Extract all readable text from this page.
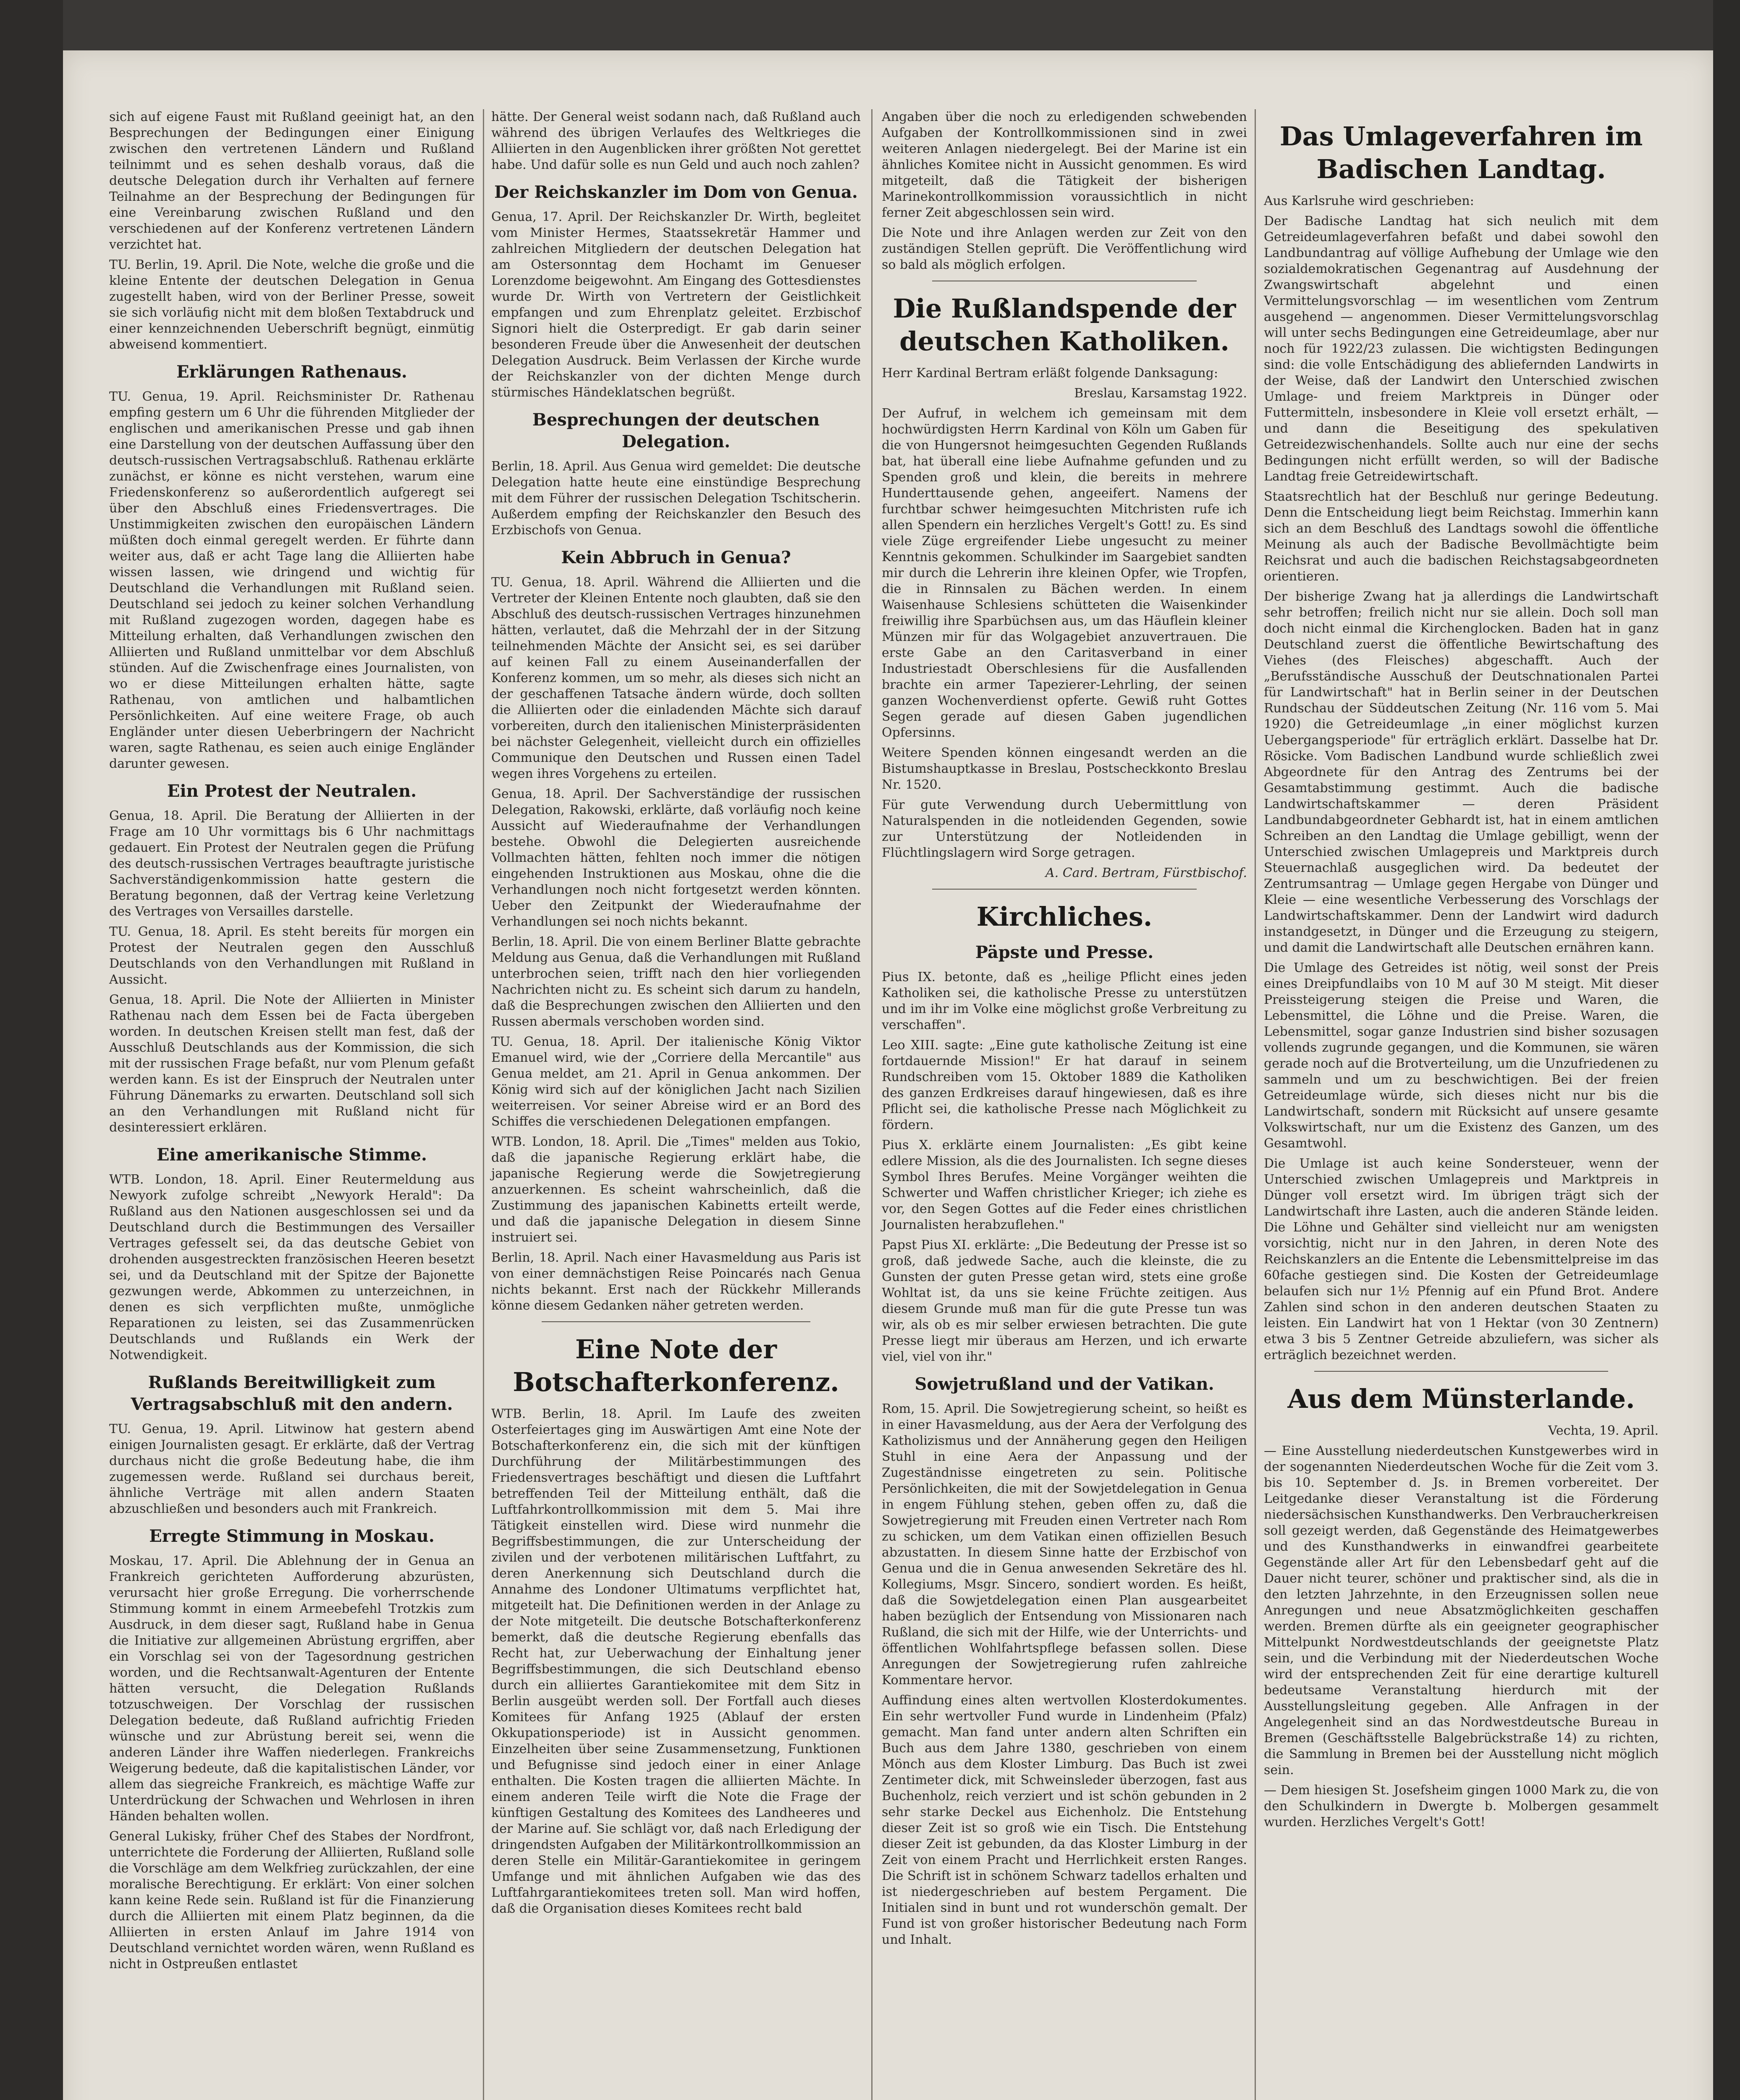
sich auf eigene Faust mit Rußland geeinigt hat, an den Besprechungen der Bedingungen einer Einigung zwischen den vertretenen Ländern und Rußland teilnimmt und es sehen deshalb voraus, daß die deutsche Delegation durch ihr Verhalten auf fernere Teilnahme an der Besprechung der Bedingungen für eine Vereinbarung zwischen Rußland und den verschiedenen auf der Konferenz vertretenen Ländern verzichtet hat.
TU. Berlin, 19. April. Die Note, welche die große und die kleine Entente der deutschen Delegation in Genua zugestellt haben, wird von der Berliner Presse, soweit sie sich vorläufig nicht mit dem bloßen Textabdruck und einer kennzeichnenden Ueberschrift begnügt, einmütig abweisend kommentiert.
Erklärungen Rathenaus.
TU. Genua, 19. April. Reichsminister Dr. Rathenau empfing gestern um 6 Uhr die führenden Mitglieder der englischen und amerikanischen Presse und gab ihnen eine Darstellung von der deutschen Auffassung über den deutsch-russischen Vertragsabschluß. Rathenau erklärte zunächst, er könne es nicht verstehen, warum eine Friedenskonferenz so außerordentlich aufgeregt sei über den Abschluß eines Friedensvertrages. Die Unstimmigkeiten zwischen den europäischen Ländern müßten doch einmal geregelt werden. Er führte dann weiter aus, daß er acht Tage lang die Alliierten habe wissen lassen, wie dringend und wichtig für Deutschland die Verhandlungen mit Rußland seien. Deutschland sei jedoch zu keiner solchen Verhandlung mit Rußland zugezogen worden, dagegen habe es Mitteilung erhalten, daß Verhandlungen zwischen den Alliierten und Rußland unmittelbar vor dem Abschluß stünden. Auf die Zwischenfrage eines Journalisten, von wo er diese Mitteilungen erhalten hätte, sagte Rathenau, von amtlichen und halbamtlichen Persönlichkeiten. Auf eine weitere Frage, ob auch Engländer unter diesen Ueberbringern der Nachricht waren, sagte Rathenau, es seien auch einige Engländer darunter gewesen.
Ein Protest der Neutralen.
Genua, 18. April. Die Beratung der Alliierten in der Frage am 10 Uhr vormittags bis 6 Uhr nachmittags gedauert. Ein Protest der Neutralen gegen die Prüfung des deutsch-russischen Vertrages beauftragte juristische Sachverständigenkommission hatte gestern die Beratung begonnen, daß der Vertrag keine Verletzung des Vertrages von Versailles darstelle.
TU. Genua, 18. April. Es steht bereits für morgen ein Protest der Neutralen gegen den Ausschluß Deutschlands von den Verhandlungen mit Rußland in Aussicht.
Genua, 18. April. Die Note der Alliierten in Minister Rathenau nach dem Essen bei de Facta übergeben worden. In deutschen Kreisen stellt man fest, daß der Ausschluß Deutschlands aus der Kommission, die sich mit der russischen Frage befaßt, nur vom Plenum gefaßt werden kann. Es ist der Einspruch der Neutralen unter Führung Dänemarks zu erwarten. Deutschland soll sich an den Verhandlungen mit Rußland nicht für desinteressiert erklären.
Eine amerikanische Stimme.
WTB. London, 18. April. Einer Reutermeldung aus Newyork zufolge schreibt „Newyork Herald": Da Rußland aus den Nationen ausgeschlossen sei und da Deutschland durch die Bestimmungen des Versailler Vertrages gefesselt sei, da das deutsche Gebiet von drohenden ausgestreckten französischen Heeren besetzt sei, und da Deutschland mit der Spitze der Bajonette gezwungen werde, Abkommen zu unterzeichnen, in denen es sich verpflichten mußte, unmögliche Reparationen zu leisten, sei das Zusammenrücken Deutschlands und Rußlands ein Werk der Notwendigkeit.
Rußlands Bereitwilligkeit zum Vertragsabschluß mit den andern.
TU. Genua, 19. April. Litwinow hat gestern abend einigen Journalisten gesagt. Er erklärte, daß der Vertrag durchaus nicht die große Bedeutung habe, die ihm zugemessen werde. Rußland sei durchaus bereit, ähnliche Verträge mit allen andern Staaten abzuschließen und besonders auch mit Frankreich.
Erregte Stimmung in Moskau.
Moskau, 17. April. Die Ablehnung der in Genua an Frankreich gerichteten Aufforderung abzurüsten, verursacht hier große Erregung. Die vorherrschende Stimmung kommt in einem Armeebefehl Trotzkis zum Ausdruck, in dem dieser sagt, Rußland habe in Genua die Initiative zur allgemeinen Abrüstung ergriffen, aber ein Vorschlag sei von der Tagesordnung gestrichen worden, und die Rechtsanwalt-Agenturen der Entente hätten versucht, die Delegation Rußlands totzuschweigen. Der Vorschlag der russischen Delegation bedeute, daß Rußland aufrichtig Frieden wünsche und zur Abrüstung bereit sei, wenn die anderen Länder ihre Waffen niederlegen. Frankreichs Weigerung bedeute, daß die kapitalistischen Länder, vor allem das siegreiche Frankreich, es mächtige Waffe zur Unterdrückung der Schwachen und Wehrlosen in ihren Händen behalten wollen.
General Lukisky, früher Chef des Stabes der Nordfront, unterrichtete die Forderung der Alliierten, Rußland solle die Vorschläge am dem Welkfrieg zurückzahlen, der eine moralische Berechtigung. Er erklärt: Von einer solchen kann keine Rede sein. Rußland ist für die Finanzierung durch die Alliierten mit einem Platz beginnen, da die Alliierten in ersten Anlauf im Jahre 1914 von Deutschland vernichtet worden wären, wenn Rußland es nicht in Ostpreußen entlastet
hätte. Der General weist sodann nach, daß Rußland auch während des übrigen Verlaufes des Weltkrieges die Alliierten in den Augenblicken ihrer größten Not gerettet habe. Und dafür solle es nun Geld und auch noch zahlen?
Der Reichskanzler im Dom von Genua.
Genua, 17. April. Der Reichskanzler Dr. Wirth, begleitet vom Minister Hermes, Staatssekretär Hammer und zahlreichen Mitgliedern der deutschen Delegation hat am Ostersonntag dem Hochamt im Genueser Lorenzdome beigewohnt. Am Eingang des Gottesdienstes wurde Dr. Wirth von Vertretern der Geistlichkeit empfangen und zum Ehrenplatz geleitet. Erzbischof Signori hielt die Osterpredigt. Er gab darin seiner besonderen Freude über die Anwesenheit der deutschen Delegation Ausdruck. Beim Verlassen der Kirche wurde der Reichskanzler von der dichten Menge durch stürmisches Händeklatschen begrüßt.
Besprechungen der deutschen Delegation.
Berlin, 18. April. Aus Genua wird gemeldet: Die deutsche Delegation hatte heute eine einstündige Besprechung mit dem Führer der russischen Delegation Tschitscherin. Außerdem empfing der Reichskanzler den Besuch des Erzbischofs von Genua.
Kein Abbruch in Genua?
TU. Genua, 18. April. Während die Alliierten und die Vertreter der Kleinen Entente noch glaubten, daß sie den Abschluß des deutsch-russischen Vertrages hinzunehmen hätten, verlautet, daß die Mehrzahl der in der Sitzung teilnehmenden Mächte der Ansicht sei, es sei darüber auf keinen Fall zu einem Auseinanderfallen der Konferenz kommen, um so mehr, als dieses sich nicht an der geschaffenen Tatsache ändern würde, doch sollten die Alliierten oder die einladenden Mächte sich darauf vorbereiten, durch den italienischen Ministerpräsidenten bei nächster Gelegenheit, vielleicht durch ein offizielles Communique den Deutschen und Russen einen Tadel wegen ihres Vorgehens zu erteilen.
Genua, 18. April. Der Sachverständige der russischen Delegation, Rakowski, erklärte, daß vorläufig noch keine Aussicht auf Wiederaufnahme der Verhandlungen bestehe. Obwohl die Delegierten ausreichende Vollmachten hätten, fehlten noch immer die nötigen eingehenden Instruktionen aus Moskau, ohne die die Verhandlungen noch nicht fortgesetzt werden könnten. Ueber den Zeitpunkt der Wiederaufnahme der Verhandlungen sei noch nichts bekannt.
Berlin, 18. April. Die von einem Berliner Blatte gebrachte Meldung aus Genua, daß die Verhandlungen mit Rußland unterbrochen seien, trifft nach den hier vorliegenden Nachrichten nicht zu. Es scheint sich darum zu handeln, daß die Besprechungen zwischen den Alliierten und den Russen abermals verschoben worden sind.
TU. Genua, 18. April. Der italienische König Viktor Emanuel wird, wie der „Corriere della Mercantile" aus Genua meldet, am 21. April in Genua ankommen. Der König wird sich auf der königlichen Jacht nach Sizilien weiterreisen. Vor seiner Abreise wird er an Bord des Schiffes die verschiedenen Delegationen empfangen.
WTB. London, 18. April. Die „Times" melden aus Tokio, daß die japanische Regierung erklärt habe, die japanische Regierung werde die Sowjetregierung anzuerkennen. Es scheint wahrscheinlich, daß die Zustimmung des japanischen Kabinetts erteilt werde, und daß die japanische Delegation in diesem Sinne instruiert sei.
Berlin, 18. April. Nach einer Havasmeldung aus Paris ist von einer demnächstigen Reise Poincarés nach Genua nichts bekannt. Erst nach der Rückkehr Millerands könne diesem Gedanken näher getreten werden.
Eine Note der Botschafterkonferenz.
WTB. Berlin, 18. April. Im Laufe des zweiten Osterfeiertages ging im Auswärtigen Amt eine Note der Botschafterkonferenz ein, die sich mit der künftigen Durchführung der Militärbestimmungen des Friedensvertrages beschäftigt und diesen die Luftfahrt betreffenden Teil der Mitteilung enthält, daß die Luftfahrkontrollkommission mit dem 5. Mai ihre Tätigkeit einstellen wird. Diese wird nunmehr die Begriffsbestimmungen, die zur Unterscheidung der zivilen und der verbotenen militärischen Luftfahrt, zu deren Anerkennung sich Deutschland durch die Annahme des Londoner Ultimatums verpflichtet hat, mitgeteilt hat. Die Definitionen werden in der Anlage zu der Note mitgeteilt. Die deutsche Botschafterkonferenz bemerkt, daß die deutsche Regierung ebenfalls das Recht hat, zur Ueberwachung der Einhaltung jener Begriffsbestimmungen, die sich Deutschland ebenso durch ein alliiertes Garantiekomitee mit dem Sitz in Berlin ausgeübt werden soll. Der Fortfall auch dieses Komitees für Anfang 1925 (Ablauf der ersten Okkupationsperiode) ist in Aussicht genommen. Einzelheiten über seine Zusammensetzung, Funktionen und Befugnisse sind jedoch einer in einer Anlage enthalten. Die Kosten tragen die alliierten Mächte. In einem anderen Teile wirft die Note die Frage der künftigen Gestaltung des Komitees des Landheeres und der Marine auf. Sie schlägt vor, daß nach Erledigung der dringendsten Aufgaben der Militärkontrollkommission an deren Stelle ein Militär-Garantiekomitee in geringem Umfange und mit ähnlichen Aufgaben wie das des Luftfahrgarantiekomitees treten soll. Man wird hoffen, daß die Organisation dieses Komitees recht bald
Angaben über die noch zu erledigenden schwebenden Aufgaben der Kontrollkommissionen sind in zwei weiteren Anlagen niedergelegt. Bei der Marine ist ein ähnliches Komitee nicht in Aussicht genommen. Es wird mitgeteilt, daß die Tätigkeit der bisherigen Marinekontrollkommission voraussichtlich in nicht ferner Zeit abgeschlossen sein wird.
Die Note und ihre Anlagen werden zur Zeit von den zuständigen Stellen geprüft. Die Veröffentlichung wird so bald als möglich erfolgen.
Die Rußlandspende der deutschen Katholiken.
Herr Kardinal Bertram erläßt folgende Danksagung:
Breslau, Karsamstag 1922.
Der Aufruf, in welchem ich gemeinsam mit dem hochwürdigsten Herrn Kardinal von Köln um Gaben für die von Hungersnot heimgesuchten Gegenden Rußlands bat, hat überall eine liebe Aufnahme gefunden und zu Spenden groß und klein, die bereits in mehrere Hunderttausende gehen, angeeifert. Namens der furchtbar schwer heimgesuchten Mitchristen rufe ich allen Spendern ein herzliches Vergelt's Gott! zu. Es sind viele Züge ergreifender Liebe ungesucht zu meiner Kenntnis gekommen. Schulkinder im Saargebiet sandten mir durch die Lehrerin ihre kleinen Opfer, wie Tropfen, die in Rinnsalen zu Bächen werden. In einem Waisenhause Schlesiens schütteten die Waisenkinder freiwillig ihre Sparbüchsen aus, um das Häuflein kleiner Münzen mir für das Wolgagebiet anzuvertrauen. Die erste Gabe an den Caritasverband in einer Industriestadt Oberschlesiens für die Ausfallenden brachte ein armer Tapezierer-Lehrling, der seinen ganzen Wochenverdienst opferte. Gewiß ruht Gottes Segen gerade auf diesen Gaben jugendlichen Opfersinns.
Weitere Spenden können eingesandt werden an die Bistumshauptkasse in Breslau, Postscheckkonto Breslau Nr. 1520.
Für gute Verwendung durch Uebermittlung von Naturalspenden in die notleidenden Gegenden, sowie zur Unterstützung der Notleidenden in Flüchtlingslagern wird Sorge getragen.
A. Card. Bertram, Fürstbischof.
Kirchliches.
Päpste und Presse.
Pius IX. betonte, daß es „heilige Pflicht eines jeden Katholiken sei, die katholische Presse zu unterstützen und im ihr im Volke eine möglichst große Verbreitung zu verschaffen".
Leo XIII. sagte: „Eine gute katholische Zeitung ist eine fortdauernde Mission!" Er hat darauf in seinem Rundschreiben vom 15. Oktober 1889 die Katholiken des ganzen Erdkreises darauf hingewiesen, daß es ihre Pflicht sei, die katholische Presse nach Möglichkeit zu fördern.
Pius X. erklärte einem Journalisten: „Es gibt keine edlere Mission, als die des Journalisten. Ich segne dieses Symbol Ihres Berufes. Meine Vorgänger weihten die Schwerter und Waffen christlicher Krieger; ich ziehe es vor, den Segen Gottes auf die Feder eines christlichen Journalisten herabzuflehen."
Papst Pius XI. erklärte: „Die Bedeutung der Presse ist so groß, daß jedwede Sache, auch die kleinste, die zu Gunsten der guten Presse getan wird, stets eine große Wohltat ist, da uns sie keine Früchte zeitigen. Aus diesem Grunde muß man für die gute Presse tun was wir, als ob es mir selber erwiesen betrachten. Die gute Presse liegt mir überaus am Herzen, und ich erwarte viel, viel von ihr."
Sowjetrußland und der Vatikan.
Rom, 15. April. Die Sowjetregierung scheint, so heißt es in einer Havasmeldung, aus der Aera der Verfolgung des Katholizismus und der Annäherung gegen den Heiligen Stuhl in eine Aera der Anpassung und der Zugeständnisse eingetreten zu sein. Politische Persönlichkeiten, die mit der Sowjetdelegation in Genua in engem Fühlung stehen, geben offen zu, daß die Sowjetregierung mit Freuden einen Vertreter nach Rom zu schicken, um dem Vatikan einen offiziellen Besuch abzustatten. In diesem Sinne hatte der Erzbischof von Genua und die in Genua anwesenden Sekretäre des hl. Kollegiums, Msgr. Sincero, sondiert worden. Es heißt, daß die Sowjetdelegation einen Plan ausgearbeitet haben bezüglich der Entsendung von Missionaren nach Rußland, die sich mit der Hilfe, wie der Unterrichts- und öffentlichen Wohlfahrtspflege befassen sollen. Diese Anregungen der Sowjetregierung rufen zahlreiche Kommentare hervor.
Auffindung eines alten wertvollen Klosterdokumentes. Ein sehr wertvoller Fund wurde in Lindenheim (Pfalz) gemacht. Man fand unter andern alten Schriften ein Buch aus dem Jahre 1380, geschrieben von einem Mönch aus dem Kloster Limburg. Das Buch ist zwei Zentimeter dick, mit Schweinsleder überzogen, fast aus Buchenholz, reich verziert und ist schön gebunden in 2 sehr starke Deckel aus Eichenholz. Die Entstehung dieser Zeit ist so groß wie ein Tisch. Die Entstehung dieser Zeit ist gebunden, da das Kloster Limburg in der Zeit von einem Pracht und Herrlichkeit ersten Ranges. Die Schrift ist in schönem Schwarz tadellos erhalten und ist niedergeschrieben auf bestem Pergament. Die Initialen sind in bunt und rot wunderschön gemalt. Der Fund ist von großer historischer Bedeutung nach Form und Inhalt.
Das Umlageverfahren im Badischen Landtag.
Aus Karlsruhe wird geschrieben:
Der Badische Landtag hat sich neulich mit dem Getreideumlageverfahren befaßt und dabei sowohl den Landbundantrag auf völlige Aufhebung der Umlage wie den sozialdemokratischen Gegenantrag auf Ausdehnung der Zwangswirtschaft abgelehnt und einen Vermittelungsvorschlag — im wesentlichen vom Zentrum ausgehend — angenommen. Dieser Vermittelungsvorschlag will unter sechs Bedingungen eine Getreideumlage, aber nur noch für 1922/23 zulassen. Die wichtigsten Bedingungen sind: die volle Entschädigung des abliefernden Landwirts in der Weise, daß der Landwirt den Unterschied zwischen Umlage- und freiem Marktpreis in Dünger oder Futtermitteln, insbesondere in Kleie voll ersetzt erhält, — und dann die Beseitigung des spekulativen Getreidezwischenhandels. Sollte auch nur eine der sechs Bedingungen nicht erfüllt werden, so will der Badische Landtag freie Getreidewirtschaft.
Staatsrechtlich hat der Beschluß nur geringe Bedeutung. Denn die Entscheidung liegt beim Reichstag. Immerhin kann sich an dem Beschluß des Landtags sowohl die öffentliche Meinung als auch der Badische Bevollmächtigte beim Reichsrat und auch die badischen Reichstagsabgeordneten orientieren.
Der bisherige Zwang hat ja allerdings die Landwirtschaft sehr betroffen; freilich nicht nur sie allein. Doch soll man doch nicht einmal die Kirchenglocken. Baden hat in ganz Deutschland zuerst die öffentliche Bewirtschaftung des Viehes (des Fleisches) abgeschafft. Auch der „Berufsständische Ausschuß der Deutschnationalen Partei für Landwirtschaft" hat in Berlin seiner in der Deutschen Rundschau der Süddeutschen Zeitung (Nr. 116 vom 5. Mai 1920) die Getreideumlage „in einer möglichst kurzen Uebergangsperiode" für erträglich erklärt. Dasselbe hat Dr. Rösicke. Vom Badischen Landbund wurde schließlich zwei Abgeordnete für den Antrag des Zentrums bei der Gesamtabstimmung gestimmt. Auch die badische Landwirtschaftskammer — deren Präsident Landbundabgeordneter Gebhardt ist, hat in einem amtlichen Schreiben an den Landtag die Umlage gebilligt, wenn der Unterschied zwischen Umlagepreis und Marktpreis durch Steuernachlaß ausgeglichen wird. Da bedeutet der Zentrumsantrag — Umlage gegen Hergabe von Dünger und Kleie — eine wesentliche Verbesserung des Vorschlags der Landwirtschaftskammer. Denn der Landwirt wird dadurch instandgesetzt, in Dünger und die Erzeugung zu steigern, und damit die Landwirtschaft alle Deutschen ernähren kann.
Die Umlage des Getreides ist nötig, weil sonst der Preis eines Dreipfundlaibs von 10 M auf 30 M steigt. Mit dieser Preissteigerung steigen die Preise und Waren, die Lebensmittel, die Löhne und die Preise. Waren, die Lebensmittel, sogar ganze Industrien sind bisher sozusagen vollends zugrunde gegangen, und die Kommunen, sie wären gerade noch auf die Brotverteilung, um die Unzufriedenen zu sammeln und um zu beschwichtigen. Bei der freien Getreideumlage würde, sich dieses nicht nur bis die Landwirtschaft, sondern mit Rücksicht auf unsere gesamte Volkswirtschaft, nur um die Existenz des Ganzen, um des Gesamtwohl.
Die Umlage ist auch keine Sondersteuer, wenn der Unterschied zwischen Umlagepreis und Marktpreis in Dünger voll ersetzt wird. Im übrigen trägt sich der Landwirtschaft ihre Lasten, auch die anderen Stände leiden. Die Löhne und Gehälter sind vielleicht nur am wenigsten vorsichtig, nicht nur in den Jahren, in deren Note des Reichskanzlers an die Entente die Lebensmittelpreise im das 60fache gestiegen sind. Die Kosten der Getreideumlage belaufen sich nur 1½ Pfennig auf ein Pfund Brot. Andere Zahlen sind schon in den anderen deutschen Staaten zu leisten. Ein Landwirt hat von 1 Hektar (von 30 Zentnern) etwa 3 bis 5 Zentner Getreide abzuliefern, was sicher als erträglich bezeichnet werden.
Aus dem Münsterlande.
Vechta, 19. April.
— Eine Ausstellung niederdeutschen Kunstgewerbes wird in der sogenannten Niederdeutschen Woche für die Zeit vom 3. bis 10. September d. Js. in Bremen vorbereitet. Der Leitgedanke dieser Veranstaltung ist die Förderung niedersächsischen Kunsthandwerks. Den Verbraucherkreisen soll gezeigt werden, daß Gegenstände des Heimatgewerbes und des Kunsthandwerks in einwandfrei gearbeitete Gegenstände aller Art für den Lebensbedarf geht auf die Dauer nicht teurer, schöner und praktischer sind, als die in den letzten Jahrzehnte, in den Erzeugnissen sollen neue Anregungen und neue Absatzmöglichkeiten geschaffen werden. Bremen dürfte als ein geeigneter geographischer Mittelpunkt Nordwestdeutschlands der geeignetste Platz sein, und die Verbindung mit der Niederdeutschen Woche wird der entsprechenden Zeit für eine derartige kulturell bedeutsame Veranstaltung hierdurch mit der Ausstellungsleitung gegeben. Alle Anfragen in der Angelegenheit sind an das Nordwestdeutsche Bureau in Bremen (Geschäftsstelle Balgebrückstraße 14) zu richten, die Sammlung in Bremen bei der Ausstellung nicht möglich sein.
— Dem hiesigen St. Josefsheim gingen 1000 Mark zu, die von den Schulkindern in Dwergte b. Molbergen gesammelt wurden. Herzliches Vergelt's Gott!
